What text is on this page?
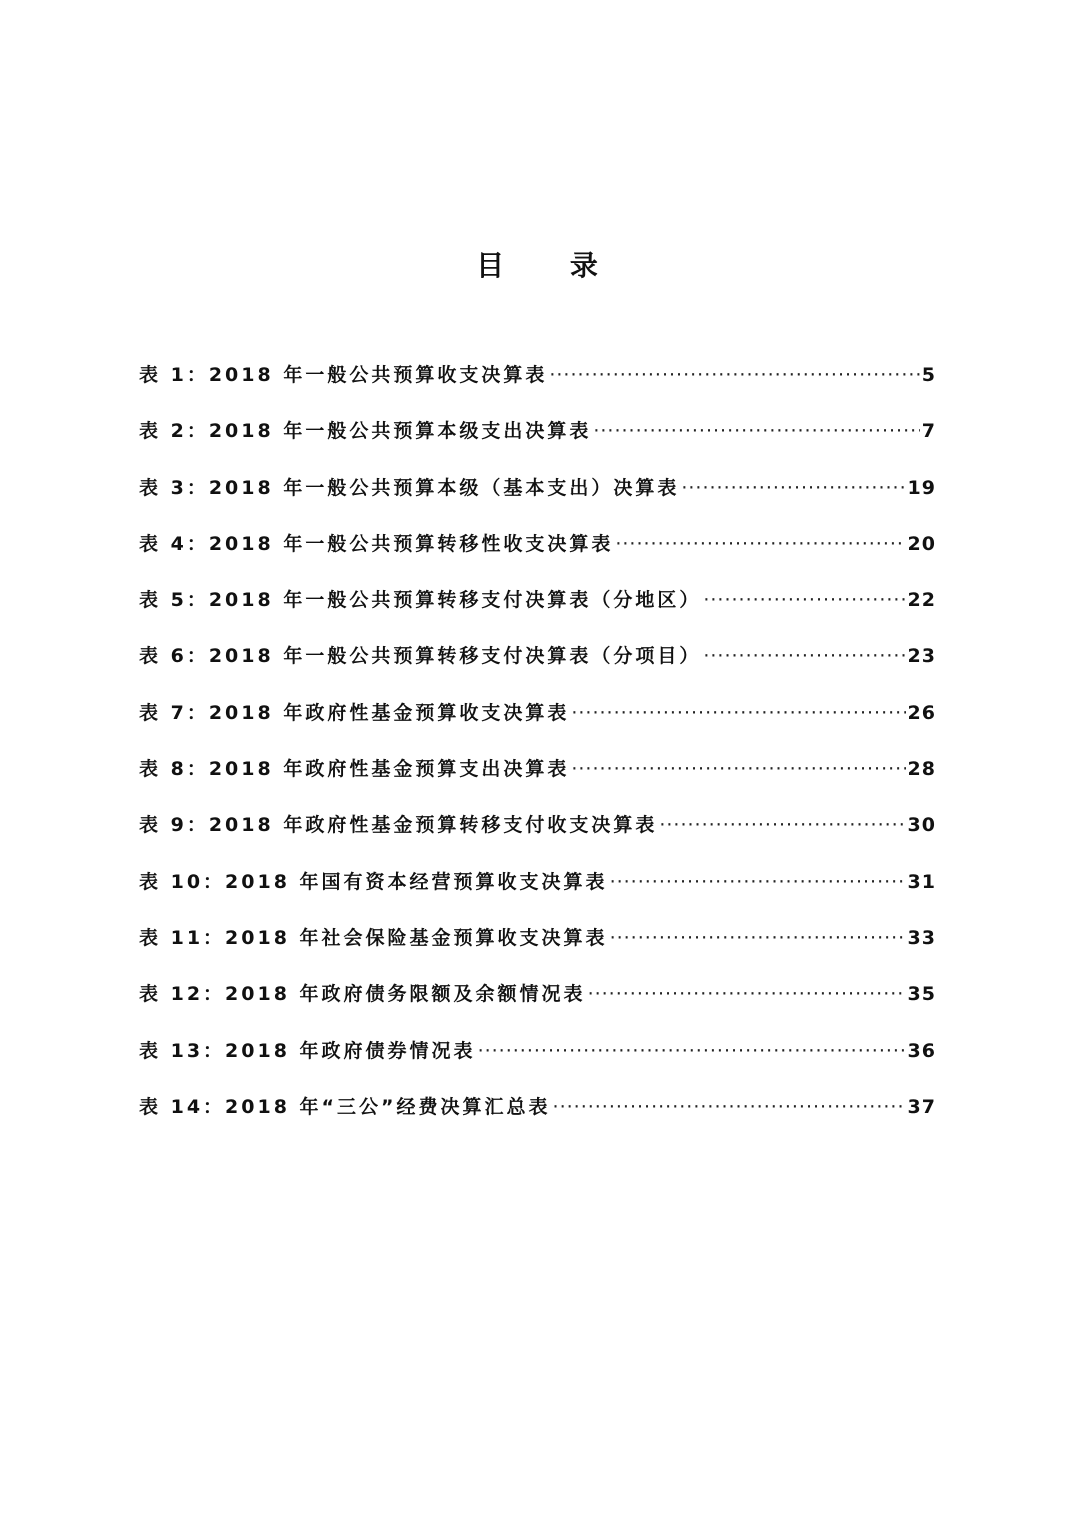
目 录
表 1：2018 年一般公共预算收支决算表 ·····	5
表 2：2018 年一般公共预算本级支出决算表 ·····	7
表 3：2018 年一般公共预算本级（基本支出）决算表 ·····	19
表 4：2018 年一般公共预算转移性收支决算表 ·····	20
表 5：2018 年一般公共预算转移支付决算表（分地区） ·····	22
表 6：2018 年一般公共预算转移支付决算表（分项目） ·····	23
表 7：2018 年政府性基金预算收支决算表 ·····	26
表 8：2018 年政府性基金预算支出决算表 ·····	28
表 9：2018 年政府性基金预算转移支付收支决算表 ·····	30
表 10：2018 年国有资本经营预算收支决算表 ·····	31
表 11：2018 年社会保险基金预算收支决算表 ·····	33
表 12：2018 年政府债务限额及余额情况表 ·····	35
表 13：2018 年政府债券情况表 ·····	36
表 14：2018 年“三公”经费决算汇总表 ·····	37
